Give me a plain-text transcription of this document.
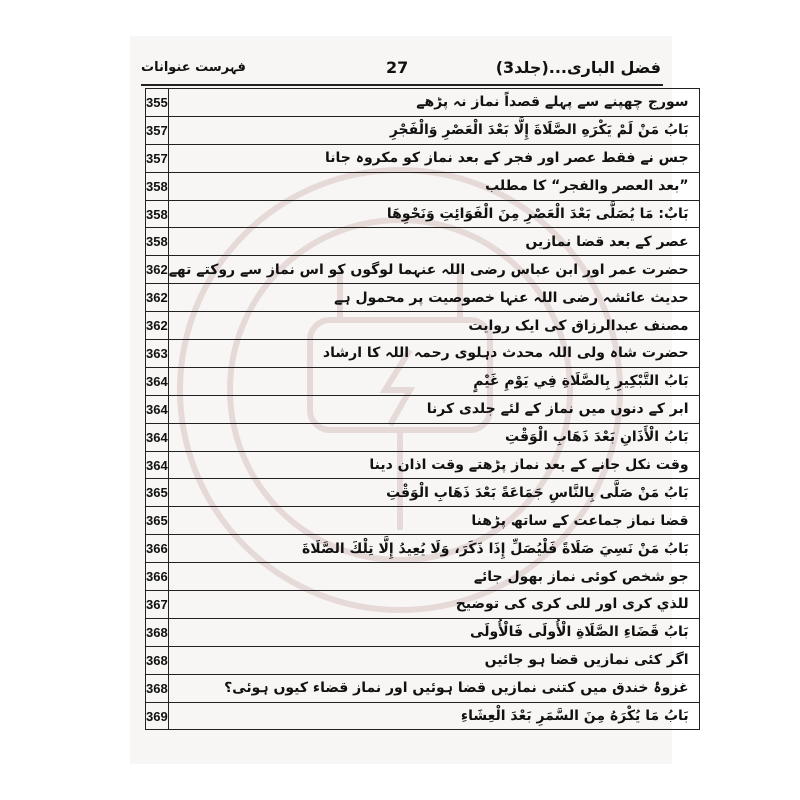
فضل الباری...(جلد3)
27
فہرست عنوانات
355	سورج چھپنے سے پہلے قصداً نماز نہ پڑھے
357	بَابُ مَنْ لَمْ يَكْرَهِ الصَّلَاةَ إِلَّا بَعْدَ الْعَصْرِ وَالْفَجْرِ
357	جس نے فقط عصر اور فجر کے بعد نماز کو مکروہ جانا
358	”بعد العصر والفجر“ کا مطلب
358	بَابٌ: مَا يُصَلَّى بَعْدَ الْعَصْرِ مِنَ الْفَوَائِتِ وَنَحْوِهَا
358	عصر کے بعد قضا نمازیں
362	حضرت عمر اور ابن عباس رضی اللہ عنہما لوگوں کو اس نماز سے روکتے تھے
362	حدیث عائشہ رضی اللہ عنہا خصوصیت پر محمول ہے
362	مصنف عبدالرزاق کی ایک روایت
363	حضرت شاہ ولی اللہ محدث دہلوی رحمہ اللہ کا ارشاد
364	بَابُ التَّبْكِيرِ بِالصَّلَاةِ فِي يَوْمِ غَيْمٍ
364	ابر کے دنوں میں نماز کے لئے جلدی کرنا
364	بَابُ الْأَذَانِ بَعْدَ ذَهَابِ الْوَقْتِ
364	وقت نکل جانے کے بعد نماز پڑھتے وقت اذان دینا
365	بَابُ مَنْ صَلَّى بِالنَّاسِ جَمَاعَةً بَعْدَ ذَهَابِ الْوَقْتِ
365	قضا نماز جماعت کے ساتھ پڑھنا
366	بَابُ مَنْ نَسِيَ صَلَاةً فَلْيُصَلِّ إِذَا ذَكَرَ، وَلَا يُعِيدُ إِلَّا تِلْكَ الصَّلَاةَ
366	جو شخص کوئی نماز بھول جائے
367	للذي كرى اور للى كرى كى توضيح
368	بَابُ قَضَاءِ الصَّلَاةِ الْأُولَى فَالْأُولَى
368	اگر کئی نمازیں قضا ہو جائیں
368	غزوۂ خندق میں کتنی نمازیں قضا ہوئیں اور نماز قضاء کیوں ہوئی؟
369	بَابُ مَا يُكْرَهُ مِنَ السَّمَرِ بَعْدَ الْعِشَاءِ
